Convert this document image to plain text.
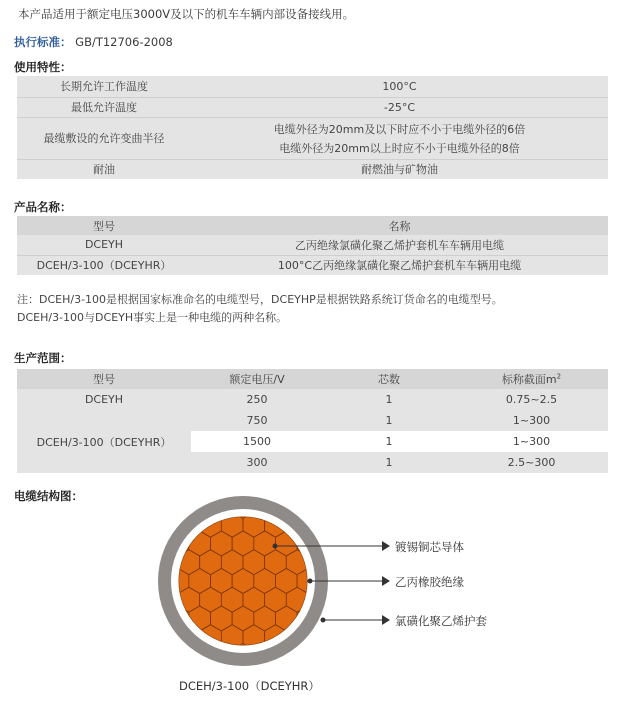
本产品适用于额定电压3000V及以下的机车车辆内部设备接线用。
执行标准： GB/T12706-2008
使用特性：
长期允许工作温度	100°C
最低允许温度	-25°C
最缆敷设的允许变曲半径	电缆外径为20mm及以下时应不小于电缆外径的6倍
电缆外径为20mm以上时应不小于电缆外径的8倍

耐油	耐燃油与矿物油
产品名称：
型号	名称
DCEYH	乙丙绝缘氯磺化聚乙烯护套机车车辆用电缆
DCEH/3-100（DCEYHR）	100°C乙丙绝缘氯磺化聚乙烯护套机车车辆用电缆
注：DCEH/3-100是根据国家标准命名的电缆型号，DCEYHP是根据铁路系统订货命名的电缆型号。
DCEH/3-100与DCEYH事实上是一种电缆的两种名称。
生产范围：
型号	额定电压/V	芯数	标称截面$m^2$
DCEYH	250	1	0.75~2.5
DCEH/3-100（DCEYHR）	750	1	1~300
	1500	1	1~300
	300	1	2.5~300
电缆结构图：
镀锡铜芯导体
乙丙橡胶绝缘
氯磺化聚乙烯护套
DCEH/3-100（DCEYHR）
